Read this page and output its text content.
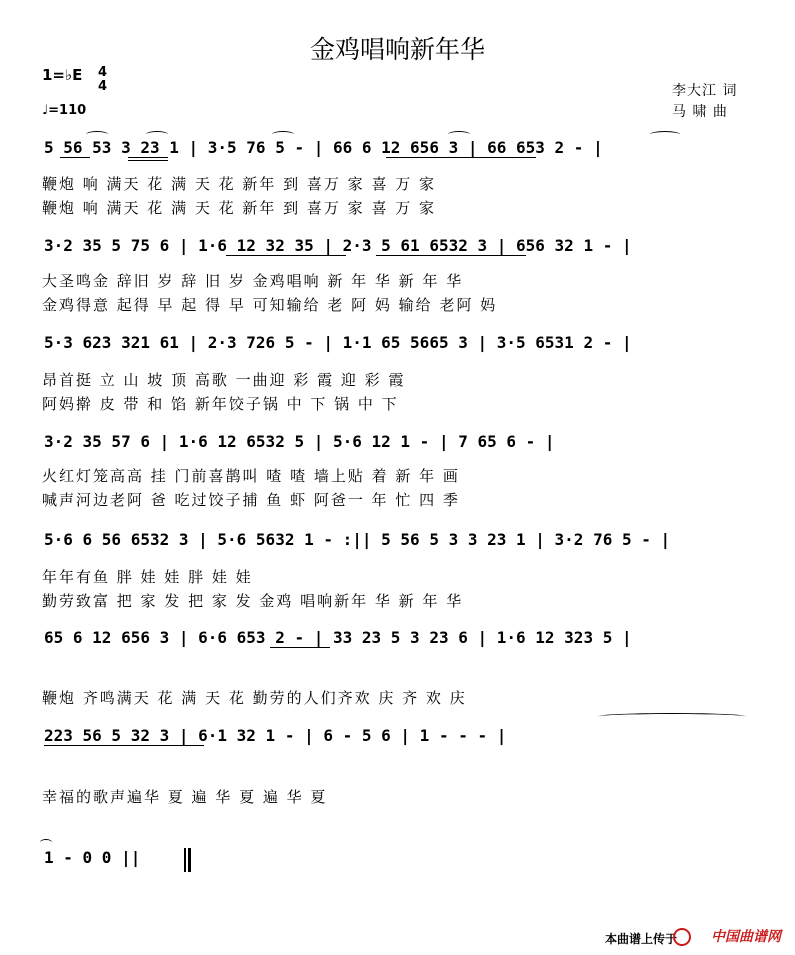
金鸡唱响新年华
1=♭E 4
4
♩=110
李大江 词
马 啸 曲
5 56 53 3 23 1 | 3·5 76 5 - | 66 6 12 656 3 | 66 653 2 - |
鞭炮 响 满天 花 满 天 花 新年 到 喜万 家 喜 万 家
鞭炮 响 满天 花 满 天 花 新年 到 喜万 家 喜 万 家
3·2 35 5 75 6 | 1·6 12 32 35 | 2·3 5 61 6532 3 | 656 32 1 - |
大圣鸣金 辞旧 岁 辞 旧 岁 金鸡唱响 新 年 华 新 年 华
金鸡得意 起得 早 起 得 早 可知输给 老 阿 妈 输给 老阿 妈
5·3 623 321 61 | 2·3 726 5 - | 1·1 65 5665 3 | 3·5 6531 2 - |
昂首挺 立 山 坡 顶 高歌 一曲迎 彩 霞 迎 彩 霞
阿妈擀 皮 带 和 馅 新年饺子锅 中 下 锅 中 下
3·2 35 57 6 | 1·6 12 6532 5 | 5·6 12 1 - | 7 65 6 - |
火红灯笼高高 挂 门前喜鹊叫 喳 喳 墙上贴 着 新 年 画
喊声河边老阿 爸 吃过饺子捕 鱼 虾 阿爸一 年 忙 四 季
5·6 6 56 6532 3 | 5·6 5632 1 - :|| 5 56 5 3 3 23 1 | 3·2 76 5 - |
年年有鱼 胖 娃 娃 胖 娃 娃
勤劳致富 把 家 发 把 家 发 金鸡 唱响新年 华 新 年 华
65 6 12 656 3 | 6·6 653 2 - | 33 23 5 3 23 6 | 1·6 12 323 5 |
鞭炮 齐鸣满天 花 满 天 花 勤劳的人们齐欢 庆 齐 欢 庆
223 56 5 32 3 | 6·1 32 1 - | 6 - 5 6 | 1 - - - |
幸福的歌声遍华 夏 遍 华 夏 遍 华 夏
1 - 0 0 ||
本曲谱上传于 中国曲谱网
